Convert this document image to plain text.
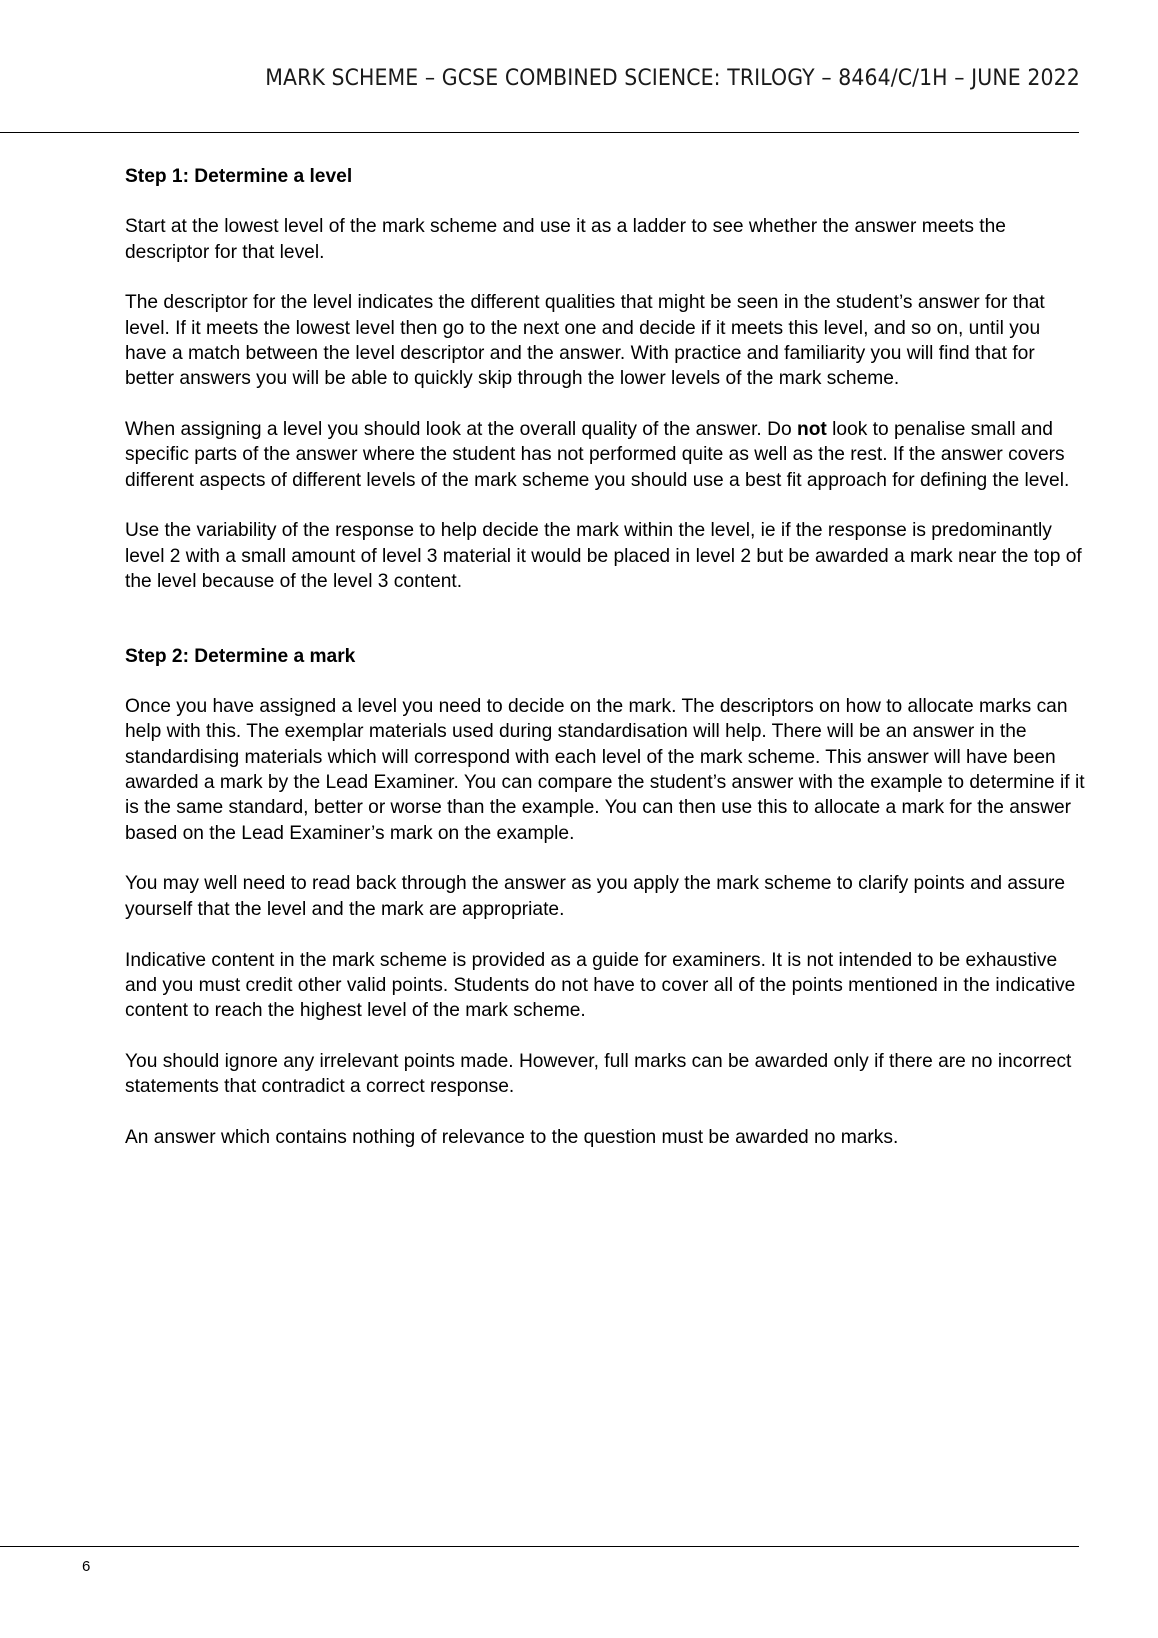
MARK SCHEME – GCSE COMBINED SCIENCE: TRILOGY – 8464/C/1H – JUNE 2022
Step 1: Determine a level

Start at the lowest level of the mark scheme and use it as a ladder to see whether the answer meets the descriptor for that level.

The descriptor for the level indicates the different qualities that might be seen in the student’s answer for that level. If it meets the lowest level then go to the next one and decide if it meets this level, and so on, until you have a match between the level descriptor and the answer. With practice and familiarity you will find that for better answers you will be able to quickly skip through the lower levels of the mark scheme.

When assigning a level you should look at the overall quality of the answer. Do not look to penalise small and specific parts of the answer where the student has not performed quite as well as the rest. If the answer covers different aspects of different levels of the mark scheme you should use a best fit approach for defining the level.

Use the variability of the response to help decide the mark within the level, ie if the response is predominantly level 2 with a small amount of level 3 material it would be placed in level 2 but be awarded a mark near the top of the level because of the level 3 content.

Step 2: Determine a mark

Once you have assigned a level you need to decide on the mark. The descriptors on how to allocate marks can help with this. The exemplar materials used during standardisation will help. There will be an answer in the standardising materials which will correspond with each level of the mark scheme. This answer will have been awarded a mark by the Lead Examiner. You can compare the student’s answer with the example to determine if it is the same standard, better or worse than the example. You can then use this to allocate a mark for the answer based on the Lead Examiner’s mark on the example.

You may well need to read back through the answer as you apply the mark scheme to clarify points and assure yourself that the level and the mark are appropriate.

Indicative content in the mark scheme is provided as a guide for examiners. It is not intended to be exhaustive and you must credit other valid points. Students do not have to cover all of the points mentioned in the indicative content to reach the highest level of the mark scheme.

You should ignore any irrelevant points made. However, full marks can be awarded only if there are no incorrect statements that contradict a correct response.

An answer which contains nothing of relevance to the question must be awarded no marks.

6
